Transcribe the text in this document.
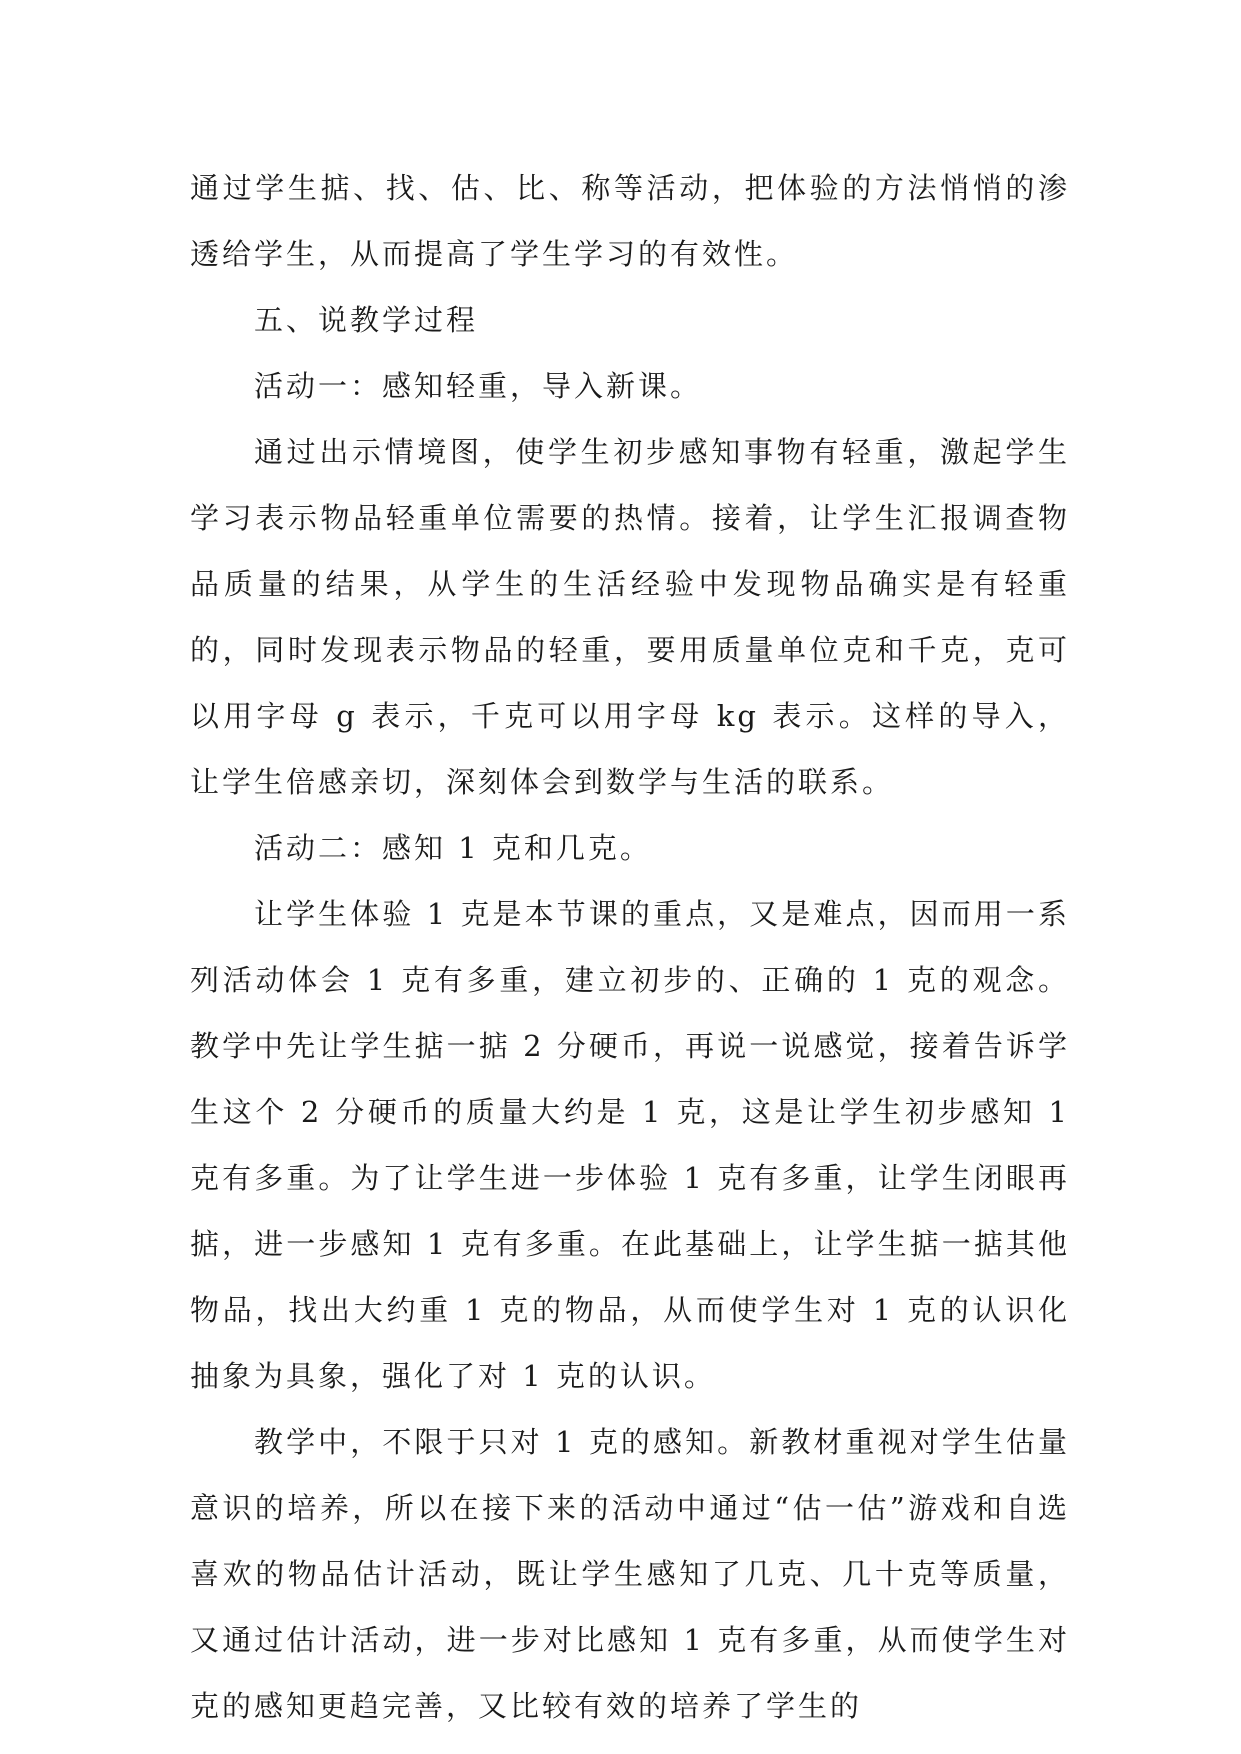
通过学生掂、找、估、比、称等活动，把体验的方法悄悄的渗透给学生，从而提高了学生学习的有效性。

五、说教学过程

活动一：感知轻重，导入新课。

通过出示情境图，使学生初步感知事物有轻重，激起学生学习表示物品轻重单位需要的热情。接着，让学生汇报调查物品质量的结果，从学生的生活经验中发现物品确实是有轻重的，同时发现表示物品的轻重，要用质量单位克和千克，克可以用字母 g 表示，千克可以用字母 kg 表示。这样的导入，让学生倍感亲切，深刻体会到数学与生活的联系。

活动二：感知 1 克和几克。

让学生体验 1 克是本节课的重点，又是难点，因而用一系列活动体会 1 克有多重，建立初步的、正确的 1 克的观念。教学中先让学生掂一掂 2 分硬币，再说一说感觉，接着告诉学生这个 2 分硬币的质量大约是 1 克，这是让学生初步感知 1 克有多重。为了让学生进一步体验 1 克有多重，让学生闭眼再掂，进一步感知 1 克有多重。在此基础上，让学生掂一掂其他物品，找出大约重 1 克的物品，从而使学生对 1 克的认识化抽象为具象，强化了对 1 克的认识。

教学中，不限于只对 1 克的感知。新教材重视对学生估量意识的培养，所以在接下来的活动中通过“估一估”游戏和自选喜欢的物品估计活动，既让学生感知了几克、几十克等质量，又通过估计活动，进一步对比感知 1 克有多重，从而使学生对克的感知更趋完善，又比较有效的培养了学生的
